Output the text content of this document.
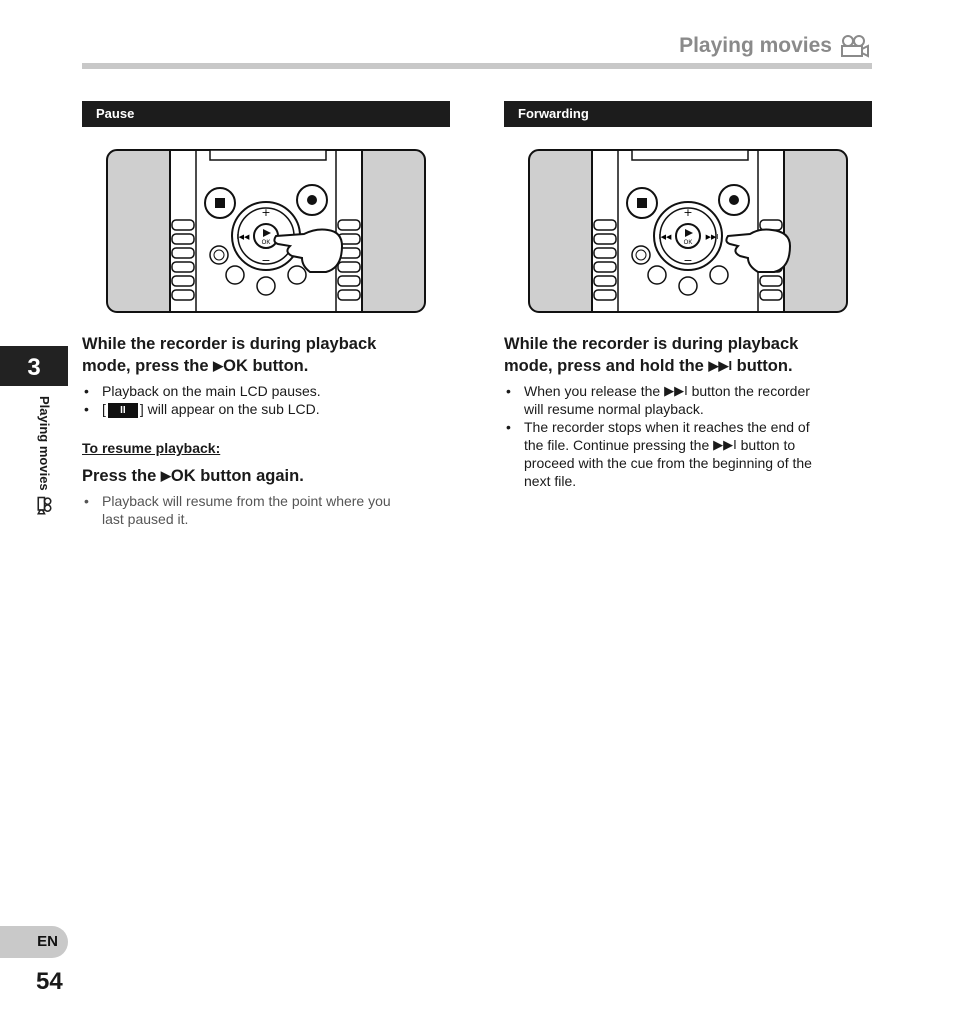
Playing movies
3
Playing movies
Pause
OK
+
−
I◀◀
While the recorder is during playback
mode, press the ▶OK button.
• Playback on the main LCD pauses.
• [ II ] will appear on the sub LCD.
To resume playback:
Press the ▶OK button again.
• Playback will resume from the point where you
last paused it.
Forwarding
OK
+
−
I◀◀	▶▶I
While the recorder is during playback
mode, press and hold the ▶▶I button.
• When you release the ▶▶I button the recorder
will resume normal playback.
• The recorder stops when it reaches the end of
the file. Continue pressing the ▶▶I button to
proceed with the cue from the beginning of the
next file.
EN
54
